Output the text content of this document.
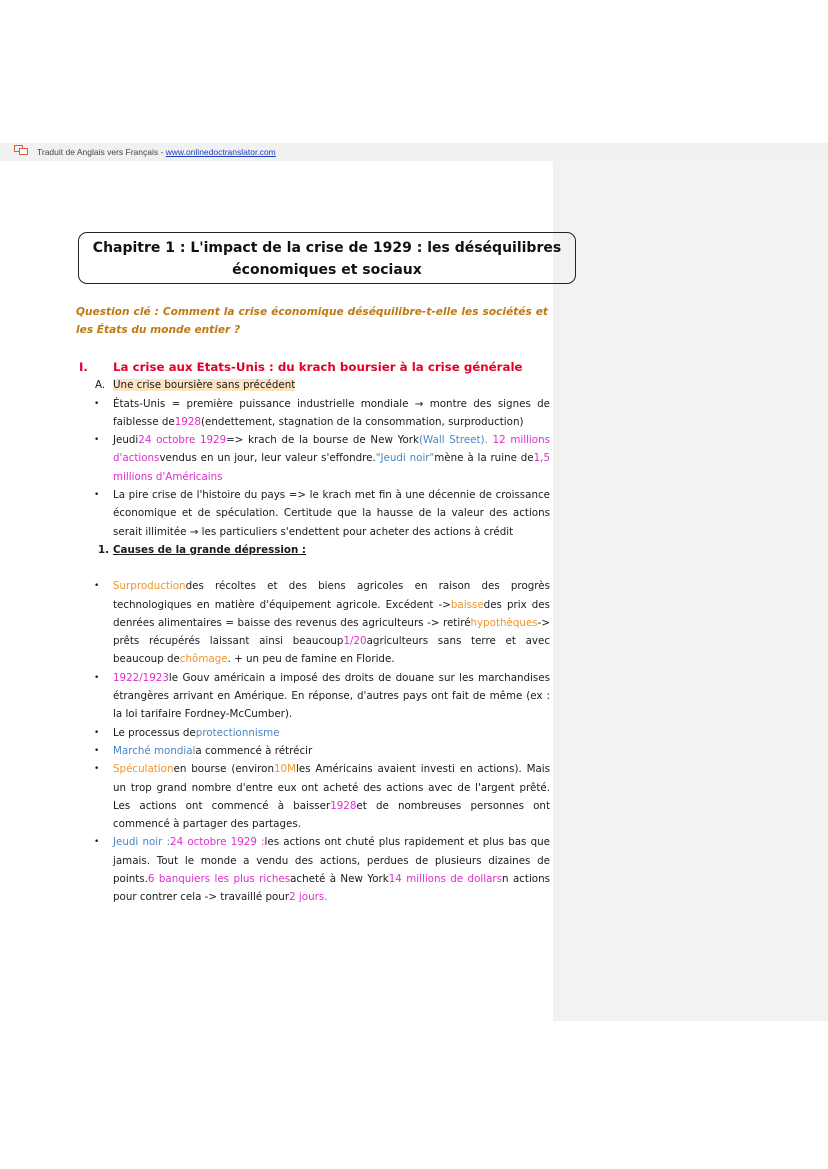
Traduit de Anglais vers Français - www.onlinedoctranslator.com
Chapitre 1 : L'impact de la crise de 1929 : les déséquilibres
économiques et sociaux
Question clé : Comment la crise économique déséquilibre-t-elle les sociétés et les États du monde entier ?
I. La crise aux Etats-Unis : du krach boursier à la crise générale
A. Une crise boursière sans précédent
• États-Unis = première puissance industrielle mondiale → montre des signes de faiblesse de1928(endettement, stagnation de la consommation, surproduction)
• Jeudi24 octobre 1929=> krach de la bourse de New York(Wall Street). 12 millions d'actionsvendus en un jour, leur valeur s'effondre."Jeudi noir"mène à la ruine de1,5 millions d'Américains
• La pire crise de l'histoire du pays => le krach met fin à une décennie de croissance économique et de spéculation. Certitude que la hausse de la valeur des actions serait illimitée → les particuliers s'endettent pour acheter des actions à crédit
1. Causes de la grande dépression :
• Surproductiondes récoltes et des biens agricoles en raison des progrès technologiques en matière d'équipement agricole. Excédent ->baissedes prix des denrées alimentaires = baisse des revenus des agriculteurs -> retiréhypothèques-> prêts récupérés laissant ainsi beaucoup1/20agriculteurs sans terre et avec beaucoup dechômage. + un peu de famine en Floride.
• 1922/1923le Gouv américain a imposé des droits de douane sur les marchandises étrangères arrivant en Amérique. En réponse, d'autres pays ont fait de même (ex : la loi tarifaire Fordney-McCumber).
• Le processus deprotectionnisme
• Marché mondiala commencé à rétrécir
• Spéculationen bourse (environ10Mles Américains avaient investi en actions). Mais un trop grand nombre d'entre eux ont acheté des actions avec de l'argent prêté. Les actions ont commencé à baisser1928et de nombreuses personnes ont commencé à partager des partages.
• Jeudi noir :24 octobre 1929 :les actions ont chuté plus rapidement et plus bas que jamais. Tout le monde a vendu des actions, perdues de plusieurs dizaines de points.6 banquiers les plus richesacheté à New York14 millions de dollarsn actions pour contrer cela -> travaillé pour2 jours.
